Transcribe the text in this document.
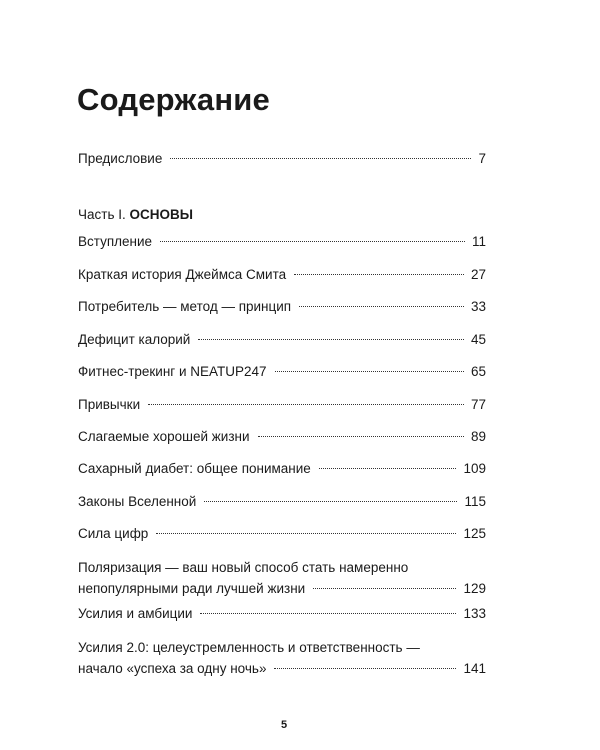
Содержание
Предисловие	7
Часть I. ОСНОВЫ
Вступление	11
Краткая история Джеймса Смита	27
Потребитель — метод — принцип	33
Дефицит калорий	45
Фитнес-трекинг и NEATUP247	65
Привычки	77
Слагаемые хорошей жизни	89
Сахарный диабет: общее понимание	109
Законы Вселенной	115
Сила цифр	125
Поляризация — ваш новый способ стать намеренно
непопулярными ради лучшей жизни	129
Усилия и амбиции	133
Усилия 2.0: целеустремленность и ответственность —
начало «успеха за одну ночь»	141
5
